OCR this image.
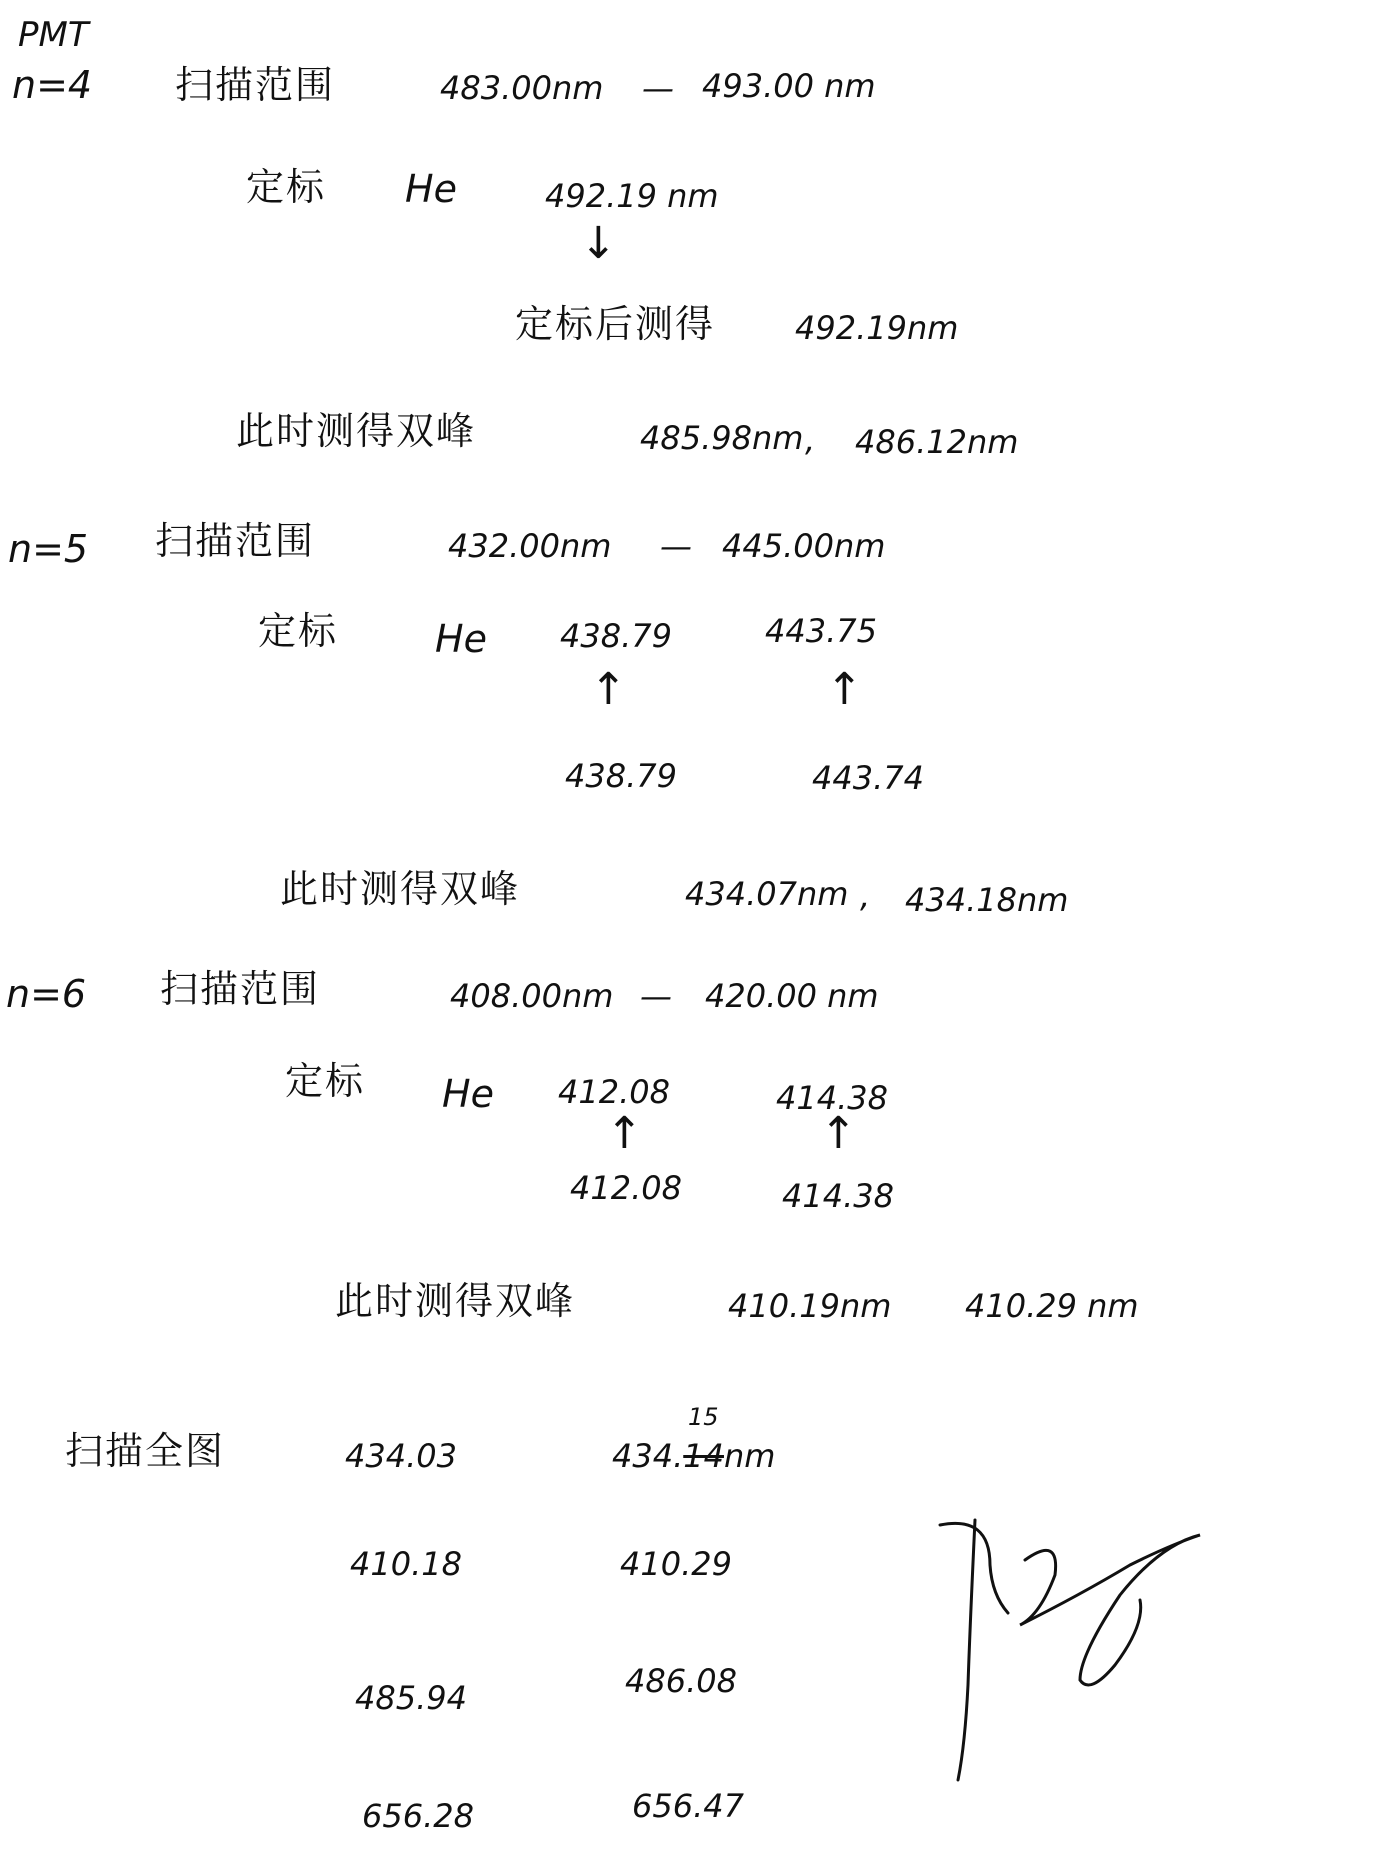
PMT
n=4 扫描范围	483.00nm — 493.00 nm
定标 He	492.19 nm
↓
定标后测得 492.19nm
此时测得双峰	485.98nm , 486.12nm
n=5 扫描范围	432.00nm — 445.00nm
定标	He 438.79	443.75
↑	↑
438.79	443.74
此时测得双峰	434.07nm , 434.18nm
n=6 扫描范围	408.00nm — 420.00 nm
定标 He 412.08	414.38
↑	↑
412.08	414.38
此时测得双峰	410.19nm 410.29 nm
扫描全图
15
434.03	434.14nm
410.18	410.29
485.94	486.08
656.28	656.47
